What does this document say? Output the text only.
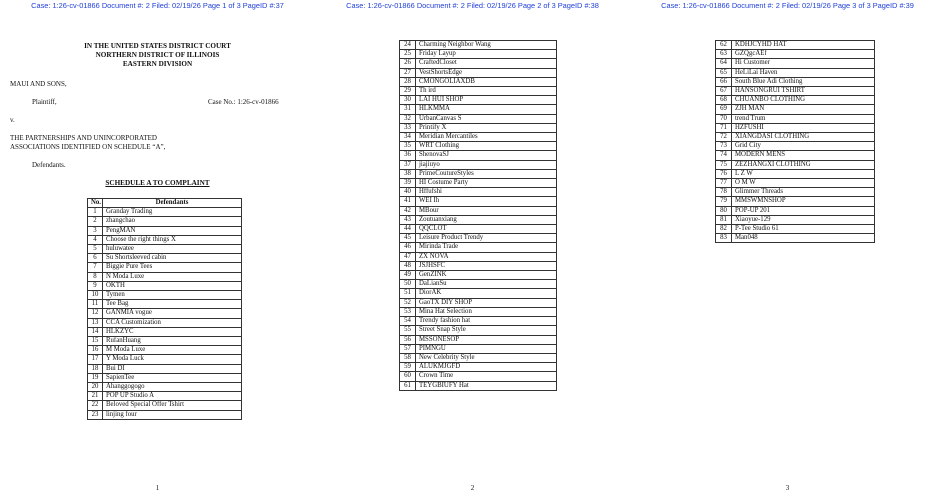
Case: 1:26-cv-01866 Document #: 2 Filed: 02/19/26 Page 1 of 3 PageID #:37
IN THE UNITED STATES DISTRICT COURT
NORTHERN DISTRICT OF ILLINOIS
EASTERN DIVISION
MAUI AND SONS,
Plaintiff,	Case No.: 1:26-cv-01866
v.
THE PARTNERSHIPS AND UNINCORPORATED
ASSOCIATIONS IDENTIFIED ON SCHEDULE “A”,
Defendants.
SCHEDULE A TO COMPLAINT
No.	Defendants
1	Granday Trading
2	zhangchao
3	PengMAN
4	Choose the right things X
5	huluwatee
6	Su Shortsleeved cabin
7	Biggie Pure Tees
8	N Moda Luxe
9	OKTH
10	Tymen
11	Tee Bag
12	GANMIA vogue
13	CCA Customization
14	HLKZYC
15	RufanHuang
16	M Moda Luxe
17	Y Moda Luck
18	Bui DI
19	SapienTee
20	Ahanggogogo
21	POP UP Studio A
22	Beloved Special Offer Tshirt
23	linjing four
1
Case: 1:26-cv-01866 Document #: 2 Filed: 02/19/26 Page 2 of 3 PageID #:38
24	Charming Neighbor Wang
25	Friday Layup
26	CraftedCloset
27	VestShortsEdge
28	CMONGOLIAXDB
29	Th ird
30	LAI HUI SHOP
31	HLKMMA
32	UrbanCanvas S
33	Printify X
34	Meridian Mercantiles
35	WRT Clothing
36	ShenovaSJ
37	jiajiuyo
38	PrimeCoutureStyles
39	HI Costume Party
40	Hffufshi
41	WEI Ih
42	MBour
43	Zoutuanxiang
44	QQCLOT
45	Leisure Product Trendy
46	Mirinda Trade
47	ZX NOVA
48	JSJHSFC
49	GenZINK
50	DaLianSu
51	DiorAK
52	GaoTX DIY SHOP
53	Mina Hat Selection
54	Trendy fashion hat
55	Street Snap Style
56	MSSONESOP
57	PIMNGU
58	New Celebrity Style
59	ALUKMJGFD
60	Crown Time
61	TEYGBIUFY Hat
2
Case: 1:26-cv-01866 Document #: 2 Filed: 02/19/26 Page 3 of 3 PageID #:39
62	KDHJCYHD HAT
63	GZQgcAEf
64	Hi Customer
65	HeLiLai Haven
66	South Blue Adi Clothing
67	HANSONGRUI TSHIRT
68	CHUANBO CLOTHING
69	ZJH MAN
70	trend Trum
71	HZFUSHI
72	XIANGDASI CLOTHING
73	Grid City
74	MODERN MENS
75	ZEZHANGXI CLOTHING
76	L Z W
77	O M W
78	Glimmer Threads
79	MMSWMNSHOP
80	POP-UP 201
81	Xiaoyue-129
82	P-Tee Studio 61
83	Man048
3
